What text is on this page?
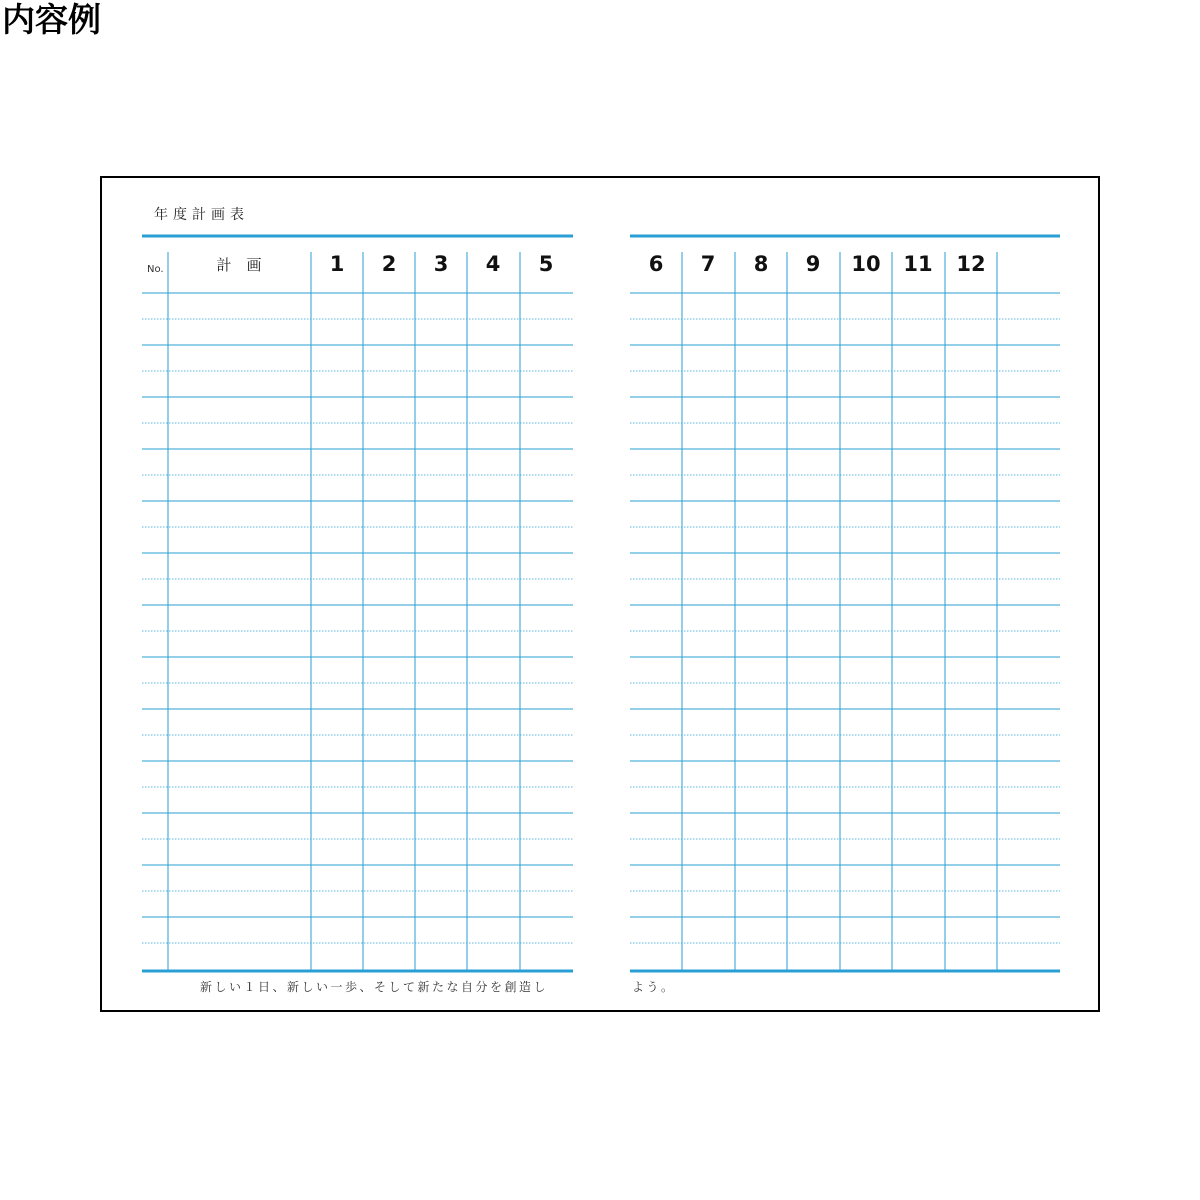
内容例
年度計画表
No.	計　画	1 2 3 4 5	6 7 8 9 10 11 12
新しい１日、新しい一歩、そして新たな自分を創造し	よう。
